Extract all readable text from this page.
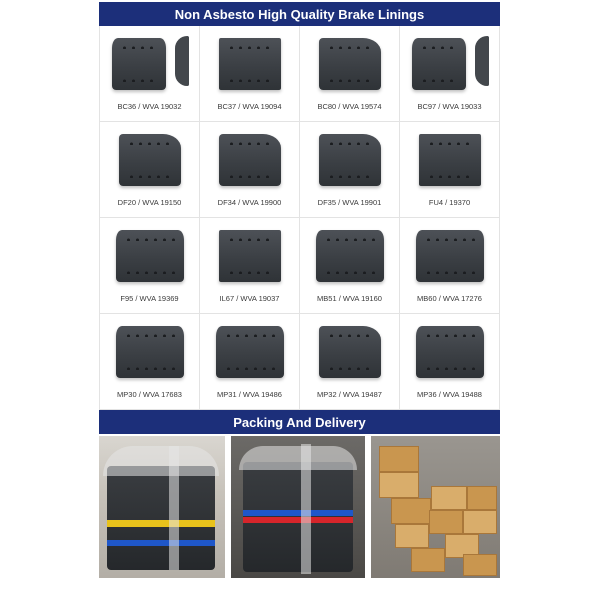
Non Asbesto High Quality Brake Linings
BC36 / WVA 19032	BC37 / WVA 19094	BC80 / WVA 19574	BC97 / WVA 19033
DF20 / WVA 19150	DF34 / WVA 19900	DF35 / WVA 19901	FU4 / 19370
F95 / WVA 19369	IL67 / WVA 19037	MB51 / WVA 19160	MB60 / WVA 17276
MP30 / WVA 17683	MP31 / WVA 19486	MP32 / WVA 19487	MP36 / WVA 19488
Packing And Delivery
